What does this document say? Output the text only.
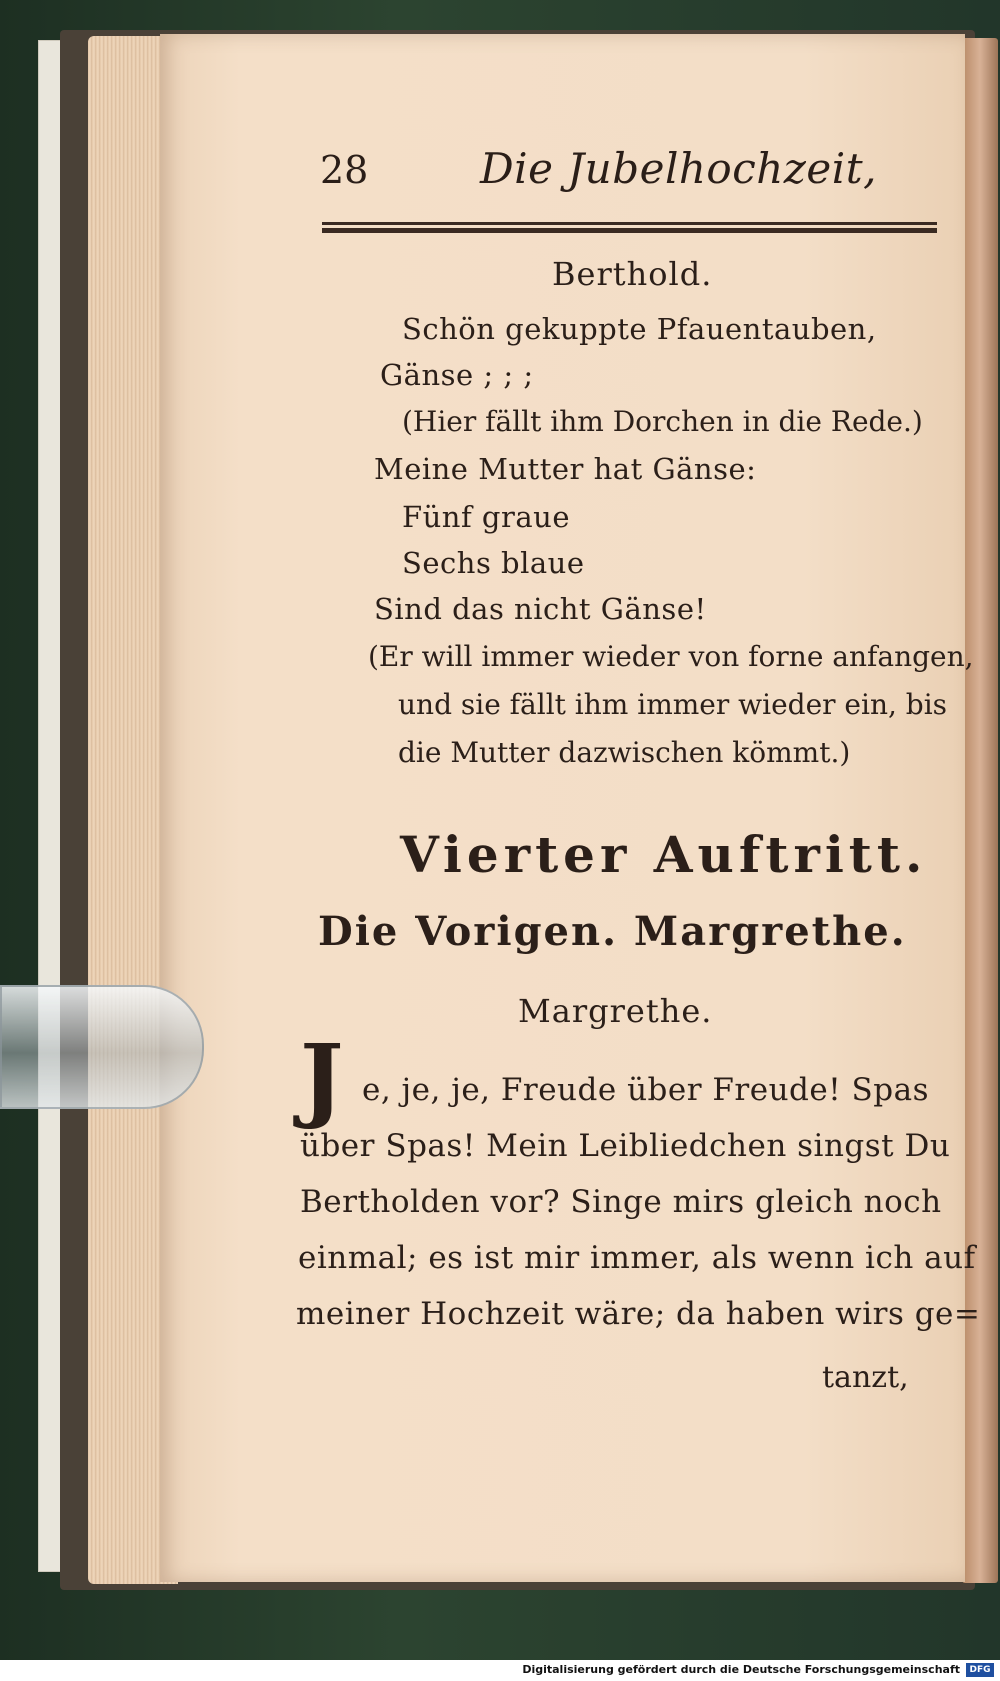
28	Die Jubelhochzeit,
Berthold.
Schön gekuppte Pfauentauben,
Gänse ; ; ;
(Hier fällt ihm Dorchen in die Rede.)
Meine Mutter hat Gänse:
Fünf graue
Sechs blaue
Sind das nicht Gänse!
(Er will immer wieder von forne anfangen,
und sie fällt ihm immer wieder ein, bis
die Mutter dazwischen kömmt.)
Vierter Auftritt.
Die Vorigen. Margrethe.
Margrethe.
J e, je, je, Freude über Freude! Spas
über Spas! Mein Leibliedchen singst Du
Bertholden vor? Singe mirs gleich noch
einmal; es ist mir immer, als wenn ich auf
meiner Hochzeit wäre; da haben wirs ge=
tanzt,
Digitalisierung gefördert durch die Deutsche Forschungsgemeinschaft	DFG
